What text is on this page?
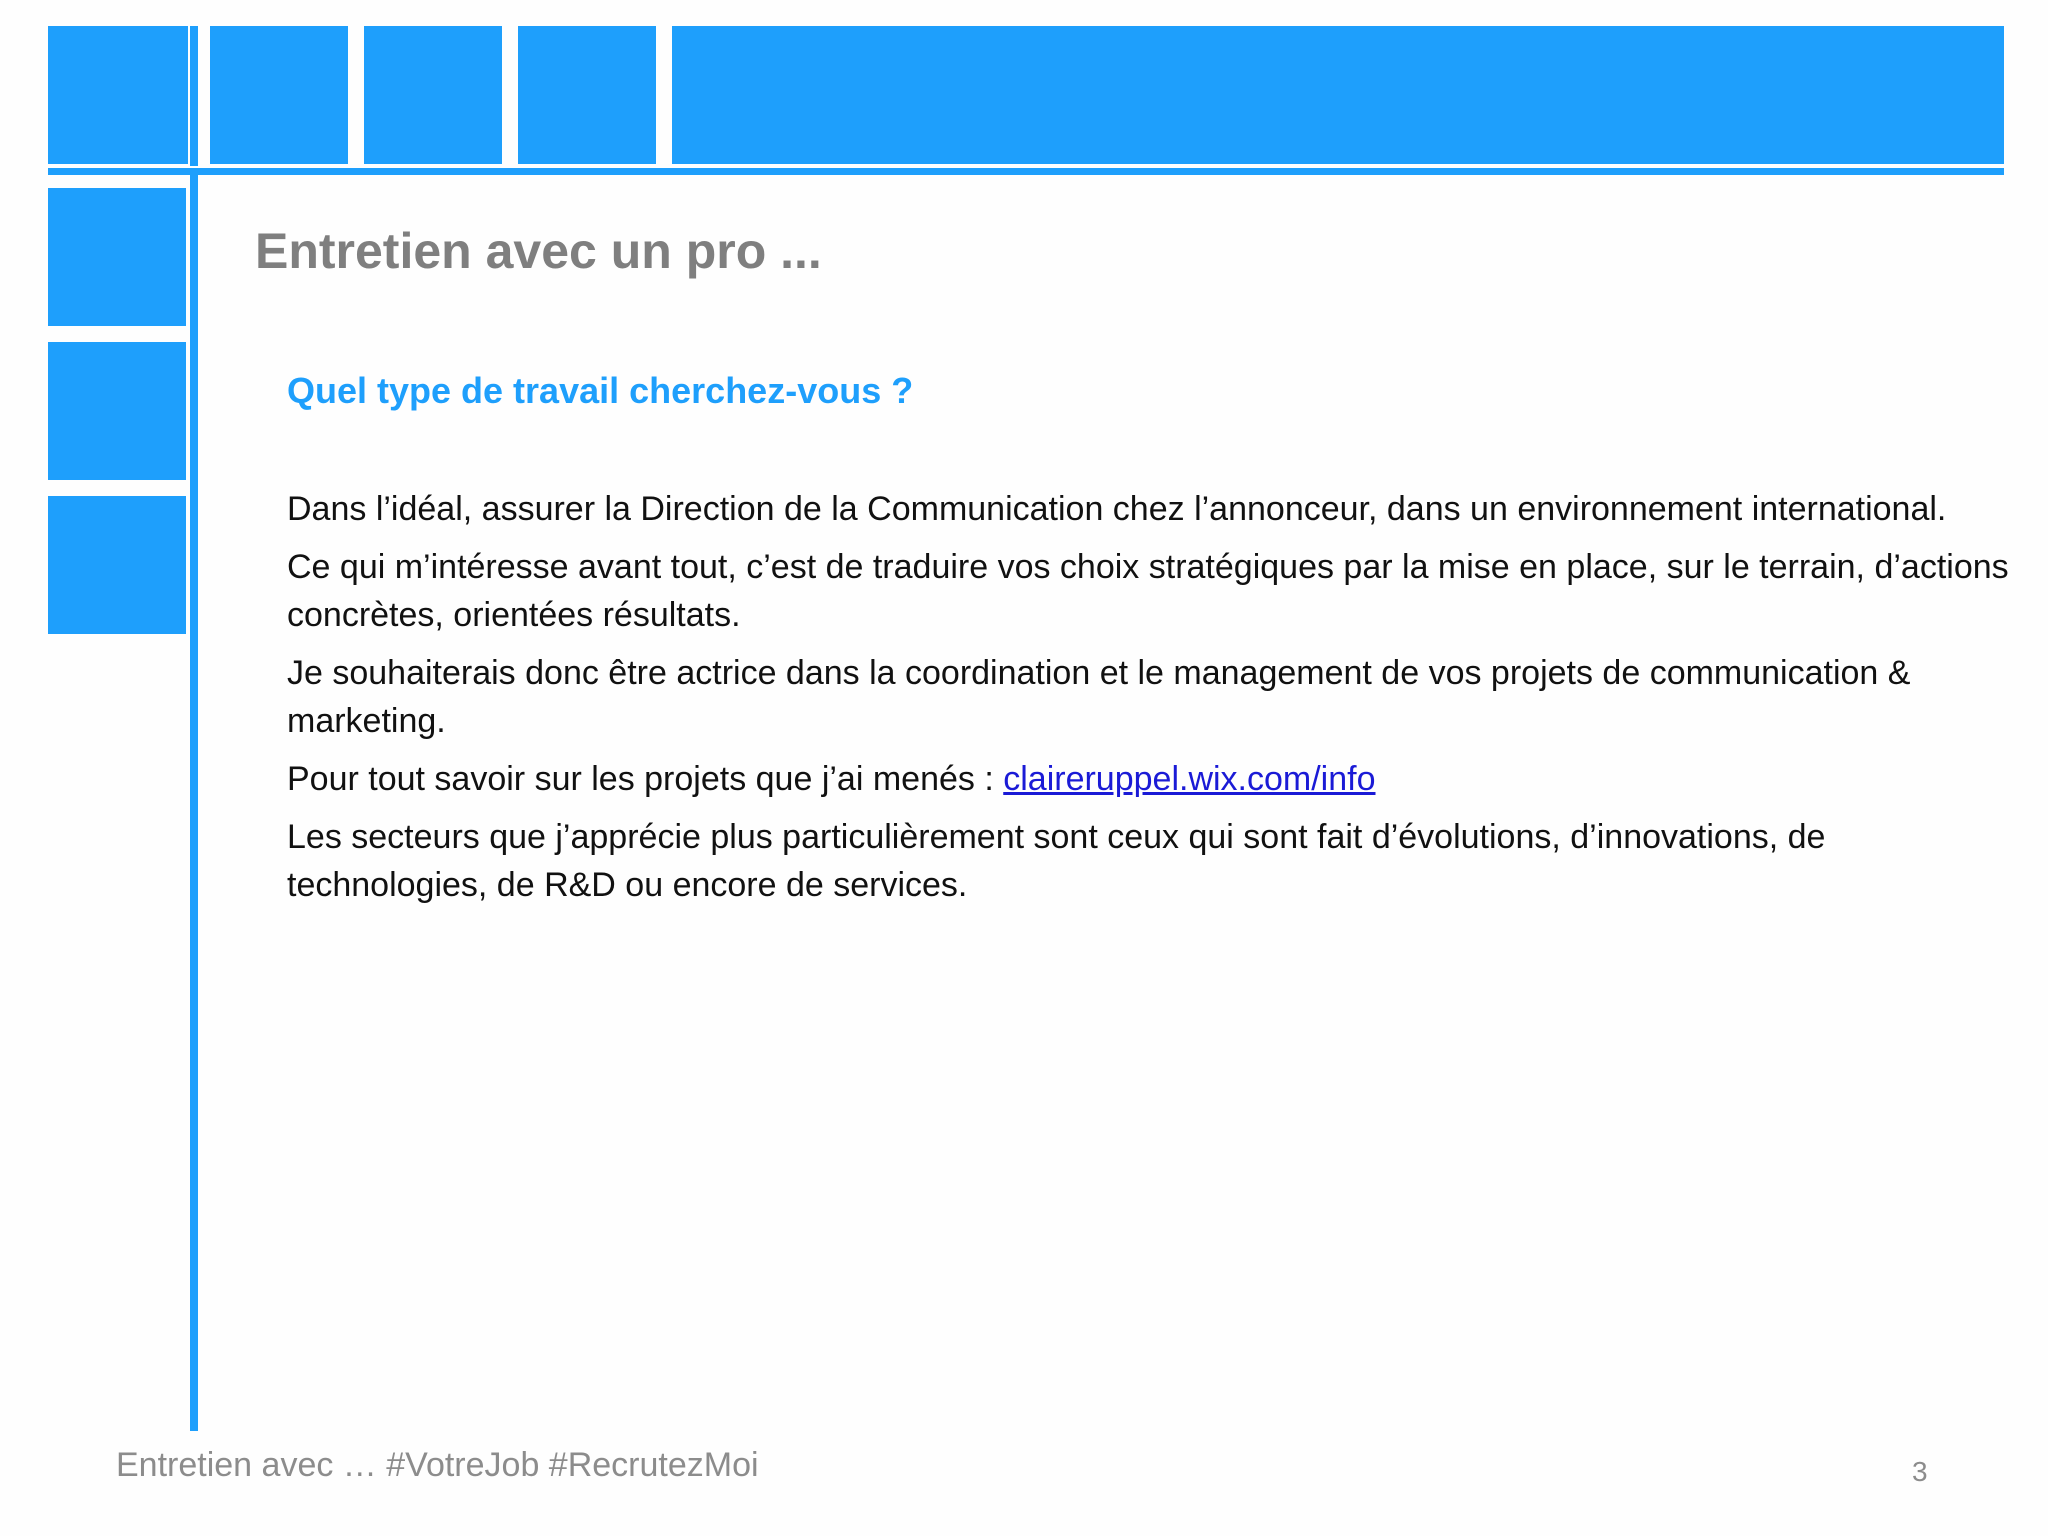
Entretien avec un pro ...
Quel type de travail cherchez-vous ?

Dans l’idéal, assurer la Direction de la Communication chez l’annonceur, dans un environnement international.

Ce qui m’intéresse avant tout, c’est de traduire vos choix stratégiques par la mise en place, sur le terrain, d’actions concrètes, orientées résultats.

Je souhaiterais donc être actrice dans la coordination et le management de vos projets de communication & marketing.

Pour tout savoir sur les projets que j’ai menés : claireruppel.wix.com/info

Les secteurs que j’apprécie plus particulièrement sont ceux qui sont fait d’évolutions, d’innovations, de technologies, de R&D ou encore de services.

Entretien avec … #VotreJob #RecrutezMoi	3
